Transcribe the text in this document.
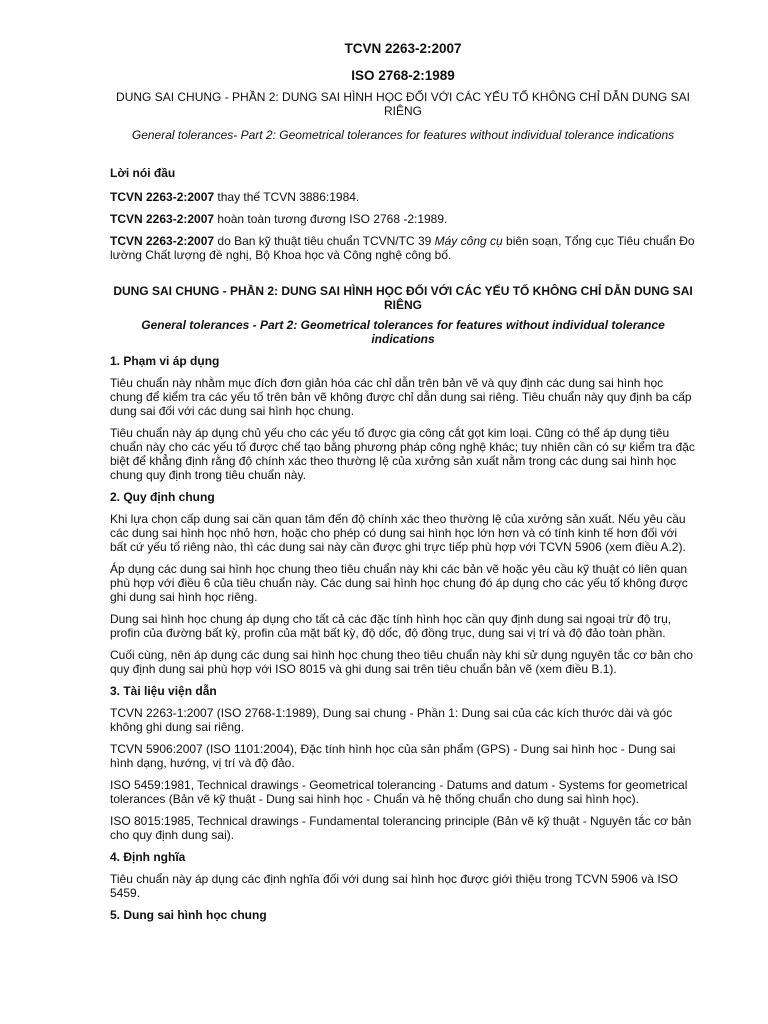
TCVN 2263-2:2007

ISO 2768-2:1989

DUNG SAI CHUNG - PHẦN 2: DUNG SAI HÌNH HỌC ĐỐI VỚI CÁC YẾU TỐ KHÔNG CHỈ DẪN DUNG SAI RIÊNG

General tolerances- Part 2: Geometrical tolerances for features without individual tolerance indications

Lời nói đầu

TCVN 2263-2:2007 thay thế TCVN 3886:1984.

TCVN 2263-2:2007 hoàn toàn tương đương ISO 2768 -2:1989.

TCVN 2263-2:2007 do Ban kỹ thuật tiêu chuẩn TCVN/TC 39 Máy công cụ biên soạn, Tổng cục Tiêu chuẩn Đo lường Chất lượng đề nghị, Bộ Khoa học và Công nghệ công bố.

DUNG SAI CHUNG - PHẦN 2: DUNG SAI HÌNH HỌC ĐỐI VỚI CÁC YẾU TỐ KHÔNG CHỈ DẪN DUNG SAI RIÊNG

General tolerances - Part 2: Geometrical tolerances for features without individual tolerance indications

1. Phạm vi áp dụng

Tiêu chuẩn này nhằm mục đích đơn giản hóa các chỉ dẫn trên bản vẽ và quy định các dung sai hình học chung để kiểm tra các yếu tố trên bản vẽ không được chỉ dẫn dung sai riêng. Tiêu chuẩn này quy định ba cấp dung sai đối với các dung sai hình học chung.

Tiêu chuẩn này áp dụng chủ yếu cho các yếu tố được gia công cắt gọt kim loại. Cũng có thể áp dụng tiêu chuẩn này cho các yếu tố được chế tạo bằng phương pháp công nghệ khác; tuy nhiên cần có sự kiểm tra đặc biệt để khẳng định rằng độ chính xác theo thường lệ của xưởng sản xuất nằm trong các dung sai hình học chung quy định trong tiêu chuẩn này.

2. Quy định chung

Khi lựa chọn cấp dung sai cần quan tâm đến độ chính xác theo thường lệ của xưởng sản xuất. Nếu yêu cầu các dung sai hình học nhỏ hơn, hoặc cho phép có dung sai hình học lớn hơn và có tính kinh tế hơn đối với bất cứ yếu tố riêng nào, thì các dung sai này cần được ghi trực tiếp phù hợp với TCVN 5906 (xem điều A.2).

Áp dụng các dung sai hình học chung theo tiêu chuẩn này khi các bản vẽ hoặc yêu cầu kỹ thuật có liên quan phù hợp với điều 6 của tiêu chuẩn này. Các dung sai hình học chung đó áp dụng cho các yếu tố không được ghi dung sai hình học riêng.

Dung sai hình học chung áp dụng cho tất cả các đặc tính hình học cần quy định dung sai ngoại trừ độ trụ, profin của đường bất kỳ, profin của mặt bất kỳ, độ dốc, độ đồng trục, dung sai vị trí và độ đảo toàn phần.

Cuối cùng, nên áp dụng các dung sai hình học chung theo tiêu chuẩn này khi sử dụng nguyên tắc cơ bản cho quy định dung sai phù hợp với ISO 8015 và ghi dung sai trên tiêu chuẩn bản vẽ (xem điều B.1).

3. Tài liệu viện dẫn

TCVN 2263-1:2007 (ISO 2768-1:1989), Dung sai chung - Phần 1: Dung sai của các kích thước dài và góc không ghi dung sai riêng.

TCVN 5906:2007 (ISO 1101:2004), Đặc tính hình học của sản phẩm (GPS) - Dung sai hình học - Dung sai hình dạng, hướng, vị trí và độ đảo.

ISO 5459:1981, Technical drawings - Geometrical tolerancing - Datums and datum - Systems for geometrical tolerances (Bản vẽ kỹ thuật - Dung sai hình học - Chuẩn và hệ thống chuẩn cho dung sai hình học).

ISO 8015:1985, Technical drawings - Fundamental tolerancing principle (Bản vẽ kỹ thuật - Nguyên tắc cơ bản cho quy định dung sai).

4. Định nghĩa

Tiêu chuẩn này áp dụng các định nghĩa đối với dung sai hình học được giới thiệu trong TCVN 5906 và ISO 5459.

5. Dung sai hình học chung
